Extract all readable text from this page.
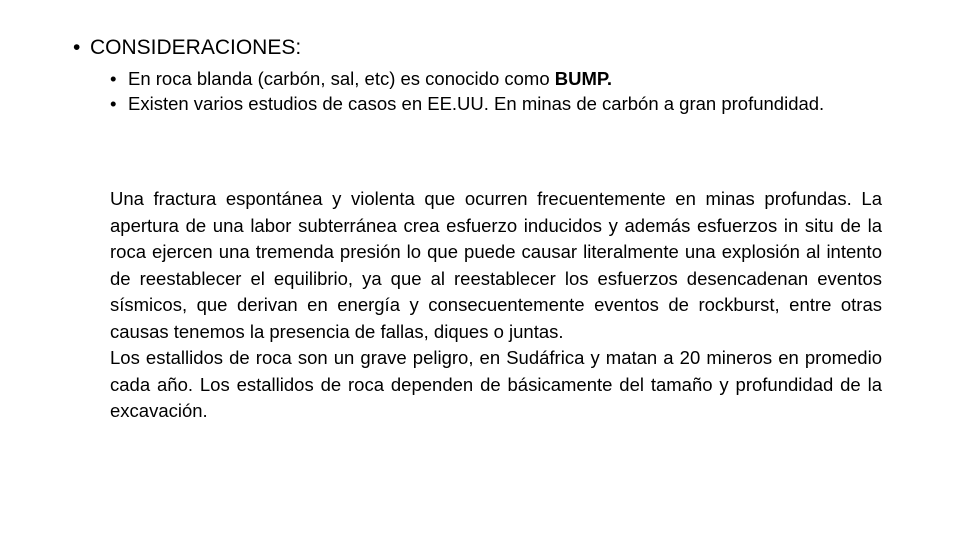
• CONSIDERACIONES:
• En roca blanda (carbón, sal, etc) es conocido como BUMP.
• Existen varios estudios de casos en EE.UU. En minas de carbón a gran profundidad.

Una fractura espontánea y violenta que ocurren frecuentemente en minas profundas. La apertura de una labor subterránea crea esfuerzo inducidos y además esfuerzos in situ de la roca ejercen una tremenda presión lo que puede causar literalmente una explosión al intento de reestablecer el equilibrio, ya que al reestablecer los esfuerzos desencadenan eventos sísmicos, que derivan en energía y consecuentemente eventos de rockburst, entre otras causas tenemos la presencia de fallas, diques o juntas.

Los estallidos de roca son un grave peligro, en Sudáfrica y matan a 20 mineros en promedio cada año. Los estallidos de roca dependen de básicamente del tamaño y profundidad de la excavación.
